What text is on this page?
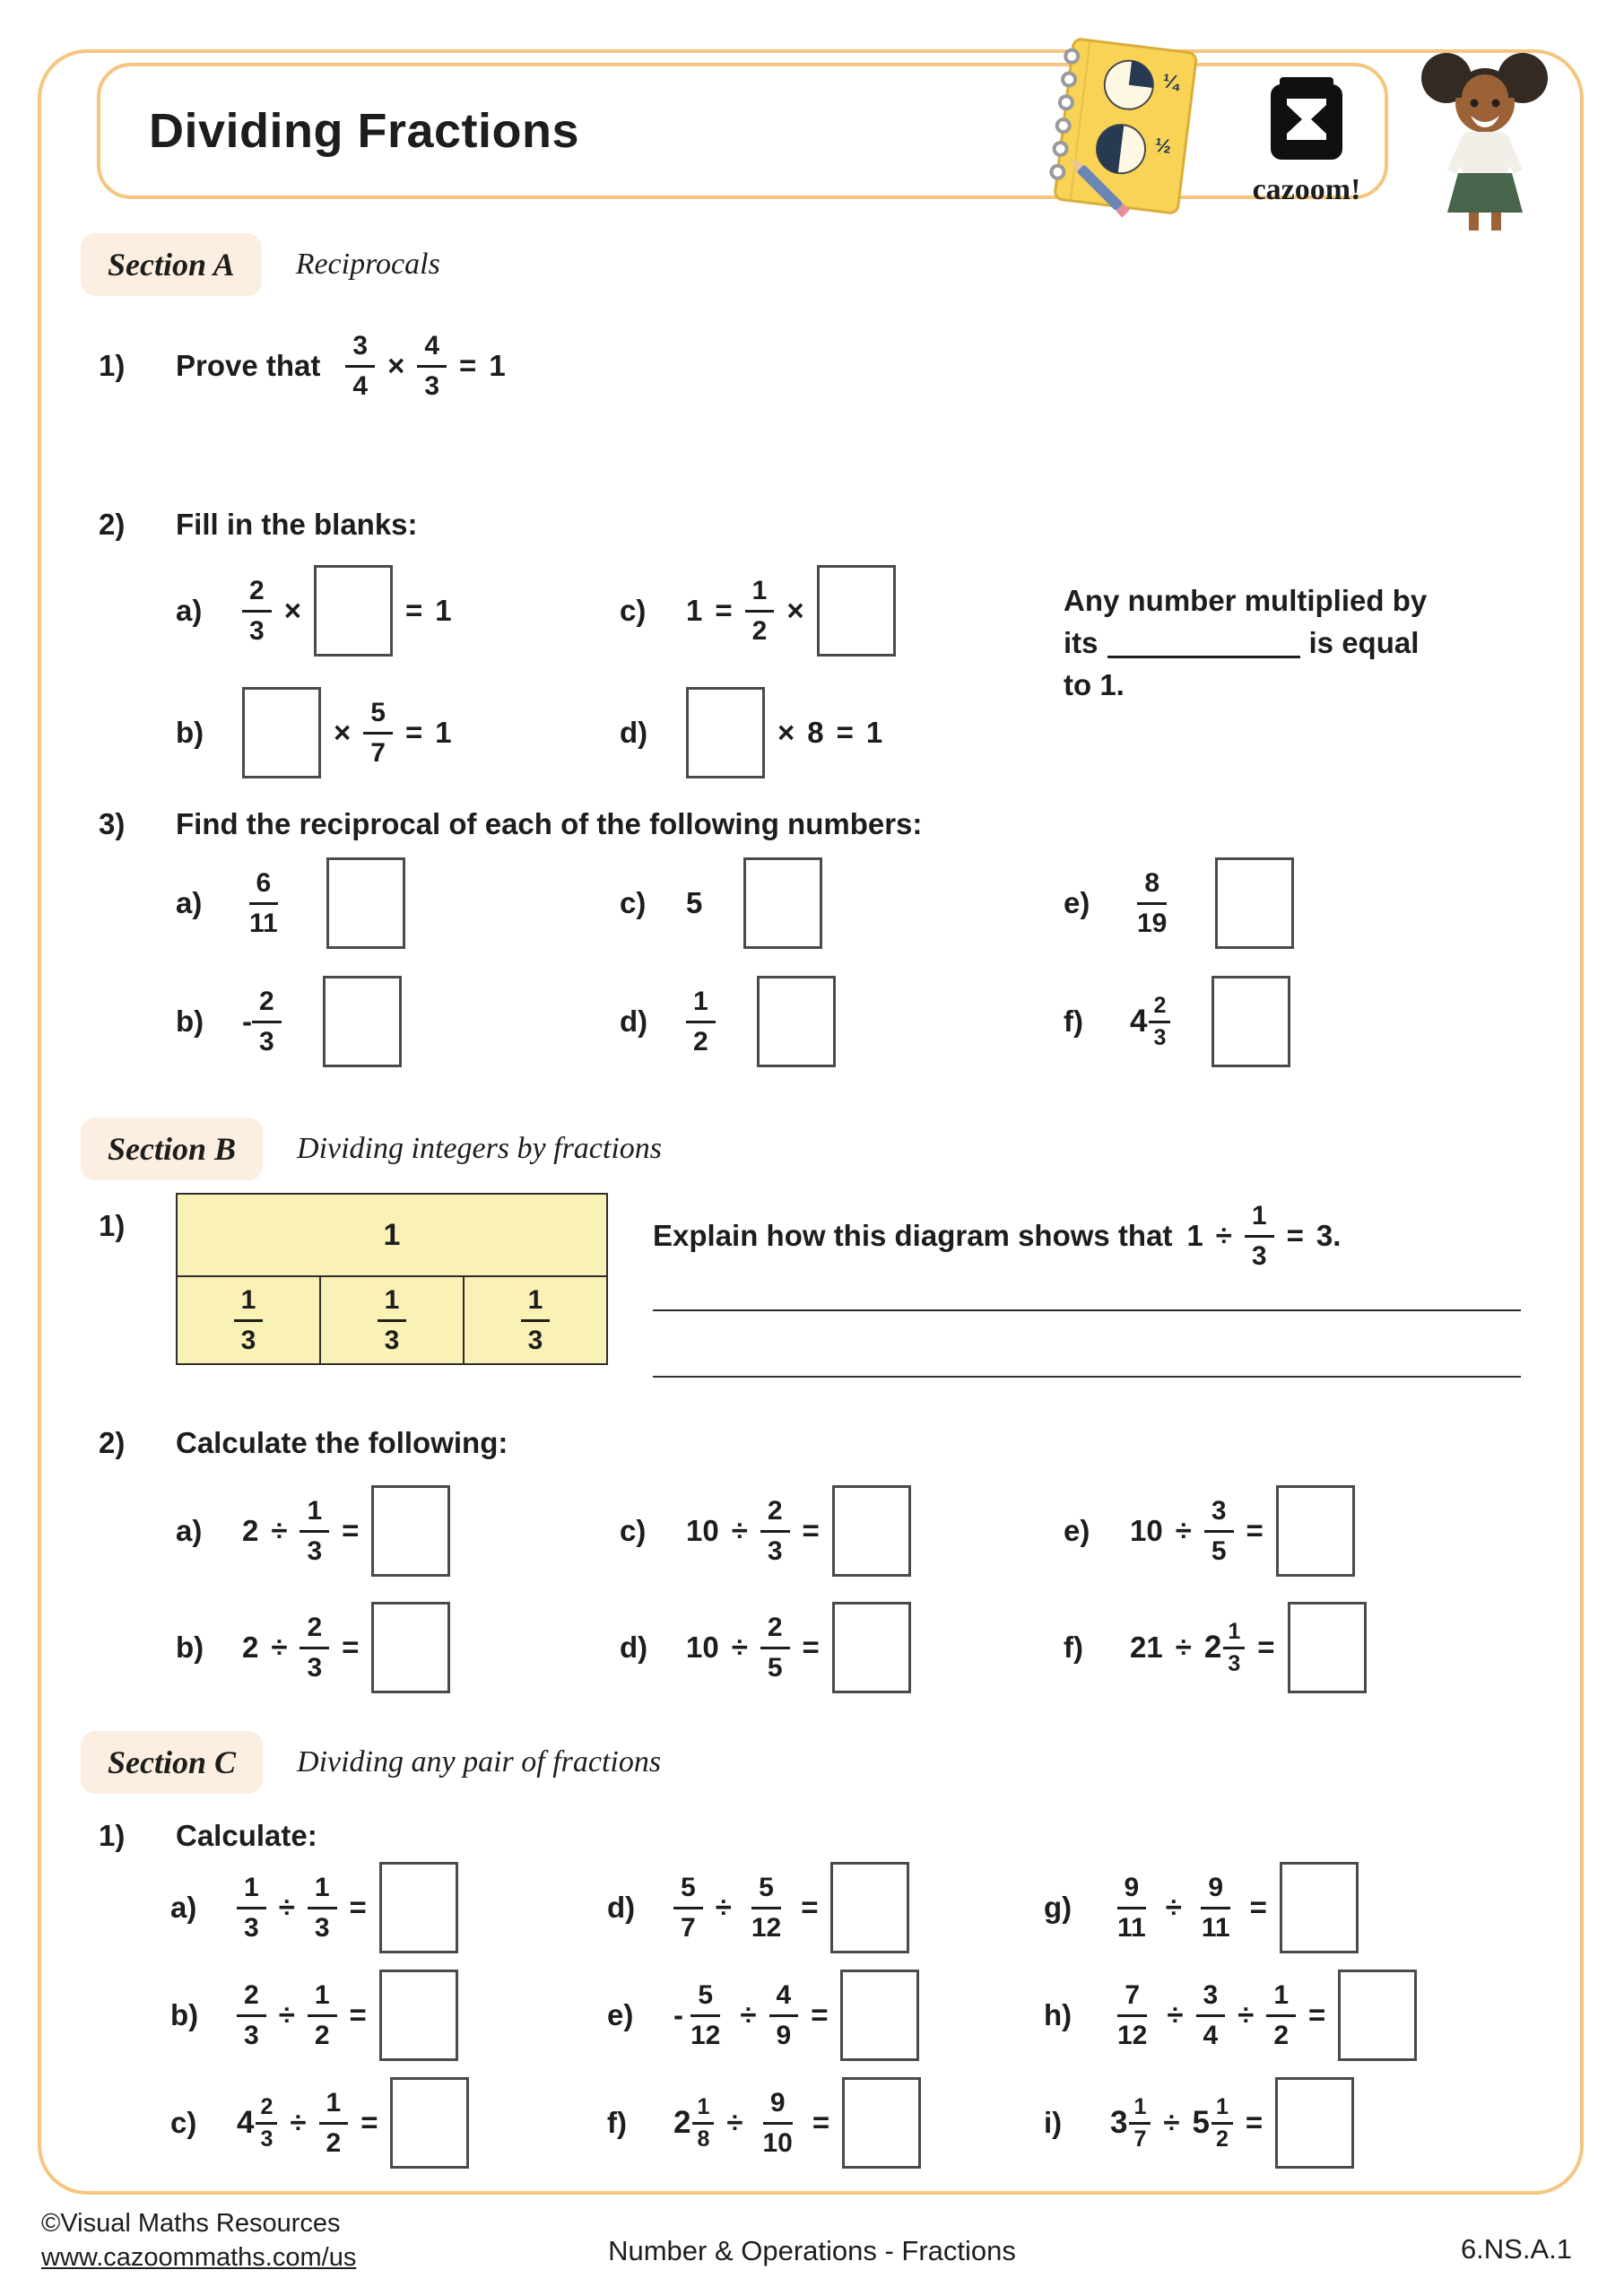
Dividing Fractions
¼
½
cazoom!
Section A	Reciprocals
1)	Prove that $\frac{3}{4} \times \frac{4}{3} = 1$
2)	Fill in the blanks:
a)	$\frac{2}{3}$ ×	= 1	c)	$1 = \frac{1}{2}$ ×	Any number multiplied by
its	is equal
to 1.
b)	× $\frac{5}{7} = 1$	d)	× 8 = 1
3)	Find the reciprocal of each of the following numbers:
a)	$\frac{6}{11}$	c)	5	e)	$\frac{8}{19}$
b)	- $\frac{2}{3}$	d)	$\frac{1}{2}$	f)	$4 \frac{2}{3}$
Section B	Dividing integers by fractions
1)	1
$\frac{1}{3}$	$\frac{1}{3}$	$\frac{1}{3}$
Explain how this diagram shows that $1 \div \frac{1}{3} = 3$.
2)	Calculate the following:
a)	$2 \div \frac{1}{3}$ =	c)	$10 \div \frac{2}{3}$ =	e)	$10 \div \frac{3}{5}$ =
b)	$2 \div \frac{2}{3}$ =	d)	$10 \div \frac{2}{5}$ =	f)	$21 \div 2 \frac{1}{3}$ =
Section C	Dividing any pair of fractions
1)	Calculate:
a)	$\frac{1}{3} \div \frac{1}{3}$ =	d)	$\frac{5}{7} \div \frac{5}{12}$ =	g)	$\frac{9}{11} \div \frac{9}{11}$ =
b)	$\frac{2}{3} \div \frac{1}{2}$ =	e)	- $\frac{5}{12} \div \frac{4}{9}$ =	h)	$\frac{7}{12} \div \frac{3}{4} \div \frac{1}{2}$ =
c)	$4 \frac{2}{3} \div \frac{1}{2}$ =	f)	$2 \frac{1}{8} \div \frac{9}{10}$ =	i)	$3 \frac{1}{7} \div 5 \frac{1}{2}$ =
©Visual Maths Resources
www.cazoommaths.com/us	Number & Operations - Fractions	6.NS.A.1
